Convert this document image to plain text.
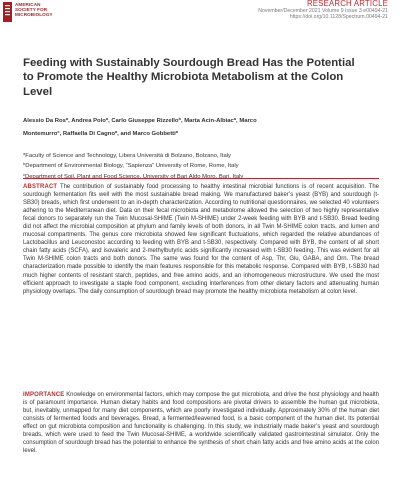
AMERICAN
SOCIETY FOR
MICROBIOLOGY
RESEARCH ARTICLE
November/December 2021 Volume 9 Issue 3 e00494-21
https://doi.org/10.1128/Spectrum.00494-21
Feeding with Sustainably Sourdough Bread Has the Potential to Promote the Healthy Microbiota Metabolism at the Colon Level
Alessio Da Ros$^a$, Andrea Polo$^a$, Carlo Giuseppe Rizzello$^b$, Marta Acin-Albiac$^a$, Marco
Montemurro$^c$, Raffaella Di Cagno$^a$, and Marco Gobbetti$^a$
$^a$Faculty of Science and Technology, Libera Università di Bolzano, Bolzano, Italy
$^b$Department of Environmental Biology, “Sapienza” University of Rome, Rome, Italy
$^c$Department of Soil, Plant and Food Science, University of Bari Aldo Moro, Bari, Italy

ABSTRACT The contribution of sustainably food processing to healthy intestinal microbial functions is of recent acquisition. The sourdough fermentation fits well with the most sustainable bread making. We manufactured baker’s yeast (BYB) and sourdough (t-SB30) breads, which first underwent to an in-depth characterization. According to nutritional questionnaires, we selected 40 volunteers adhering to the Mediterranean diet. Data on their fecal microbiota and metabolome allowed the selection of two highly representative fecal donors to separately run the Twin Mucosal-SHIME (Twin M-SHIME) under 2-week feeding with BYB and t-SB30. Bread feeding did not affect the microbial composition at phylum and family levels of both donors, in all Twin M-SHIME colon tracts, and lumen and mucosal compartments. The genus core microbiota showed few significant fluctuations, which regarded the relative abundances of Lactobacillus and Leuconostoc according to feeding with BYB and t-SB30, respectively. Compared with BYB, the content of all short chain fatty acids (SCFA), and isovaleric and 2-methylbutyric acids significantly increased with t-SB30 feeding. This was evident for all Twin M-SHIME colon tracts and both donors. The same was found for the content of Asp, Thr, Glu, GABA, and Orn. The bread characterization made possible to identify the main features responsible for this metabolic response. Compared with BYB, t-SB30 had much higher contents of resistant starch, peptides, and free amino acids, and an inhomogeneous microstructure. We used the most efficient approach to investigate a staple food component, excluding interferences from other dietary factors and attenuating human physiology overlaps. The daily consumption of sourdough bread may promote the healthy microbiota metabolism at colon level.

IMPORTANCE Knowledge on environmental factors, which may compose the gut microbiota, and drive the host physiology and health is of paramount importance. Human dietary habits and food compositions are pivotal drivers to assemble the human gut microbiota, but, inevitably, unmapped for many diet components, which are poorly investigated individually. Approximately 30% of the human diet consists of fermented foods and beverages. Bread, a fermented/leavened food, is a basic component of the human diet. Its potential effect on gut microbiota composition and functionality is challenging. In this study, we industrially made baker’s yeast and sourdough breads, which were used to feed the Twin Mucosal-SHIME, a worldwide scientifically validated gastrointestinal simulator. Only the consumption of sourdough bread has the potential to enhance the synthesis of short chain fatty acids and free amino acids at the colon level.
